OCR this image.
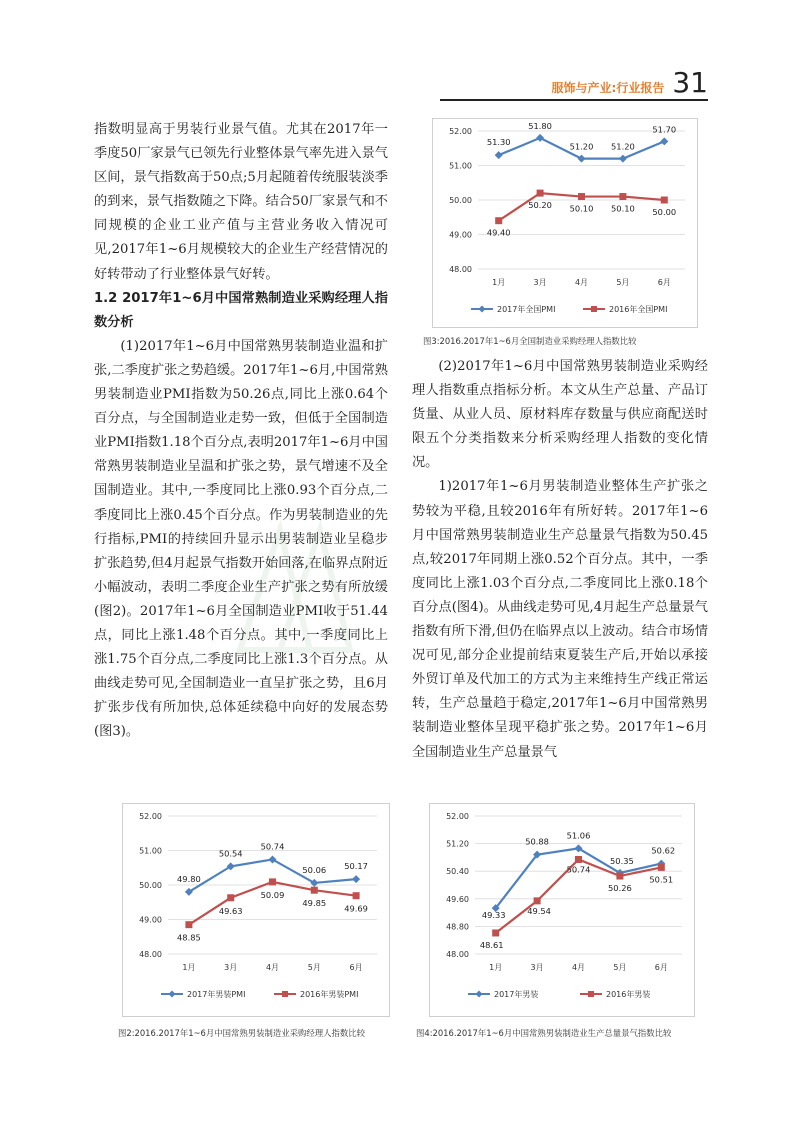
服饰与产业:行业报告 31

指数明显高于男装行业景气值。尤其在2017年一季度50厂家景气已领先行业整体景气率先进入景气区间，景气指数高于50点;5月起随着传统服装淡季的到来，景气指数随之下降。结合50厂家景气和不同规模的企业工业产值与主营业务收入情况可见,2017年1~6月规模较大的企业生产经营情况的好转带动了行业整体景气好转。

1.2 2017年1~6月中国常熟制造业采购经理人指数分析

(1)2017年1~6月中国常熟男装制造业温和扩张,二季度扩张之势趋缓。2017年1~6月,中国常熟男装制造业PMI指数为50.26点,同比上涨0.64个百分点，与全国制造业走势一致，但低于全国制造业PMI指数1.18个百分点,表明2017年1~6月中国常熟男装制造业呈温和扩张之势，景气增速不及全国制造业。其中,一季度同比上涨0.93个百分点,二季度同比上涨0.45个百分点。作为男装制造业的先行指标,PMI的持续回升显示出男装制造业呈稳步扩张趋势,但4月起景气指数开始回落,在临界点附近小幅波动，表明二季度企业生产扩张之势有所放缓(图2)。2017年1~6月全国制造业PMI收于51.44点，同比上涨1.48个百分点。其中,一季度同比上涨1.75个百分点,二季度同比上涨1.3个百分点。从曲线走势可见,全国制造业一直呈扩张之势，且6月扩张步伐有所加快,总体延续稳中向好的发展态势(图3)。

(2)2017年1~6月中国常熟男装制造业采购经理人指数重点指标分析。本文从生产总量、产品订货量、从业人员、原材料库存数量与供应商配送时限五个分类指数来分析采购经理人指数的变化情况。

1)2017年1~6月男装制造业整体生产扩张之势较为平稳,且较2016年有所好转。2017年1~6月中国常熟男装制造业生产总量景气指数为50.45点,较2017年同期上涨0.52个百分点。其中，一季度同比上涨1.03个百分点,二季度同比上涨0.18个百分点(图4)。从曲线走势可见,4月起生产总量景气指数有所下滑,但仍在临界点以上波动。结合市场情况可见,部分企业提前结束夏装生产后,开始以承接外贸订单及代加工的方式为主来维持生产线正常运转，生产总量趋于稳定,2017年1~6月中国常熟男装制造业整体呈现平稳扩张之势。2017年1~6月全国制造业生产总量景气

48.00
49.00
50.00
51.00
52.00
1月	3月	4月	5月	6月
51.30
51.80
51.20 51.20
51.70
49.40
50.20 50.10 50.10 50.00
2017年全国PMI	2016年全国PMI
图3:2016.2017年1~6月全国制造业采购经理人指数比较
48.00
49.00
50.00
51.00
52.00
1月	3月	4月	5月	6月
49.80
50.54
50.74
50.06 50.17
48.85
49.63
50.09
49.85
49.69
2017年男装PMI	2016年男装PMI
图2:2016.2017年1~6月中国常熟男装制造业采购经理人指数比较
48.00
48.80
49.60
50.40
51.20
52.00
1月	3月	4月	5月	6月
49.33
50.88
51.06
50.35
50.62
48.61
49.54
50.74
50.26
50.51
2017年男装	2016年男装
图4:2016.2017年1~6月中国常熟男装制造业生产总量景气指数比较
